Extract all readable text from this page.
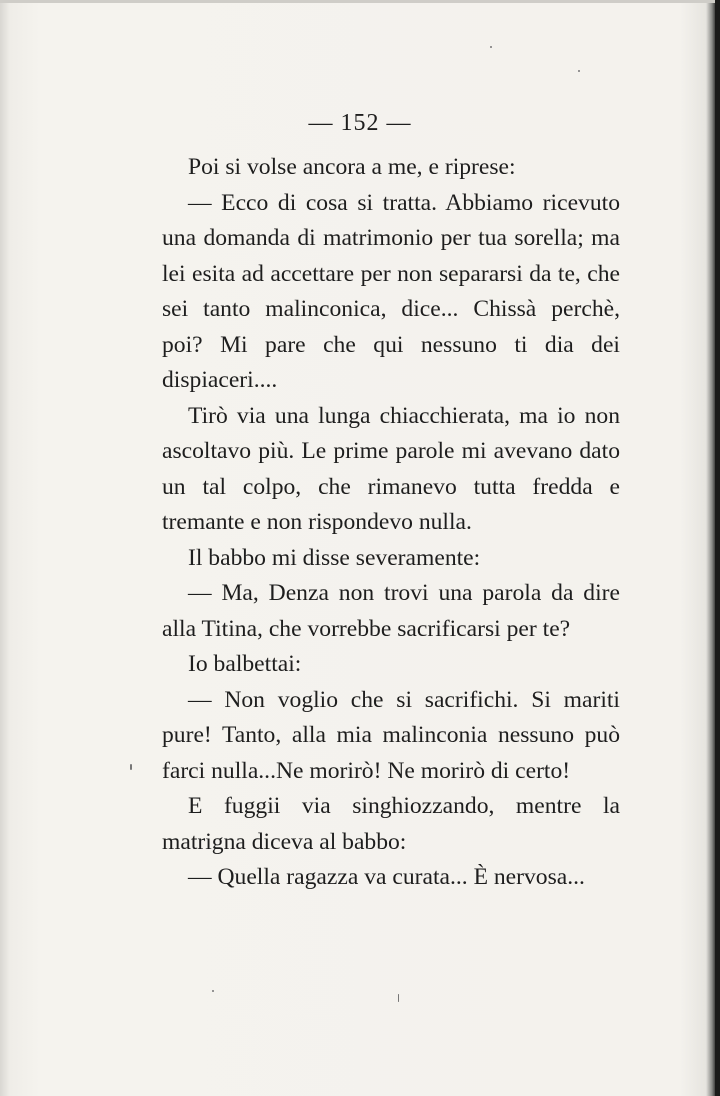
— 152 —

Poi si volse ancora a me, e riprese:

— Ecco di cosa si tratta. Abbiamo ricevuto una domanda di matrimonio per tua sorella; ma lei esita ad accettare per non separarsi da te, che sei tanto malinconica, dice... Chissà perchè, poi? Mi pare che qui nessuno ti dia dei dispiaceri....

Tirò via una lunga chiacchierata, ma io non ascoltavo più. Le prime parole mi avevano dato un tal colpo, che rimanevo tutta fredda e tremante e non rispondevo nulla.

Il babbo mi disse severamente:

— Ma, Denza non trovi una parola da dire alla Titina, che vorrebbe sacrificarsi per te?

Io balbettai:

— Non voglio che si sacrifichi. Si mariti pure! Tanto, alla mia malinconia nessuno può farci nulla...Ne morirò! Ne morirò di certo!

E fuggii via singhiozzando, mentre la matrigna diceva al babbo:

— Quella ragazza va curata... È nervosa...
